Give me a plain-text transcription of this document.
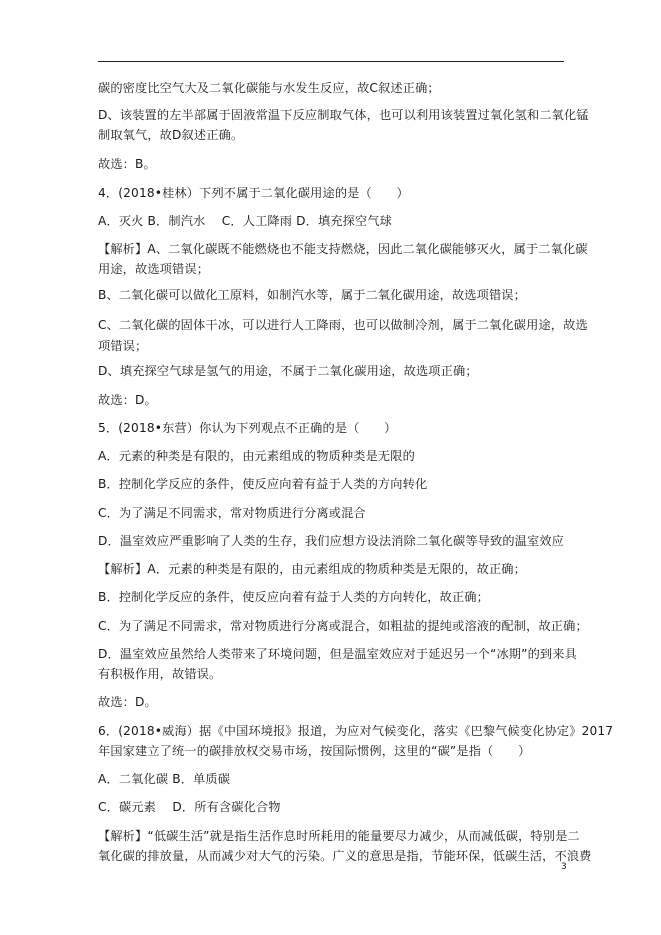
碳的密度比空气大及二氧化碳能与水发生反应，故C叙述正确；
D、该装置的左半部属于固液常温下反应制取气体，也可以利用该装置过氧化氢和二氧化锰
制取氧气，故D叙述正确。
故选：B。
4．(2018•桂林）下列不属于二氧化碳用途的是（　　）
A．灭火 B．制汽水　 C．人工降雨 D．填充探空气球
【解析】A、二氧化碳既不能燃烧也不能支持燃烧，因此二氧化碳能够灭火，属于二氧化碳
用途，故选项错误；
B、二氧化碳可以做化工原料，如制汽水等，属于二氧化碳用途，故选项错误；
C、二氧化碳的固体干冰，可以进行人工降雨，也可以做制冷剂，属于二氧化碳用途，故选
项错误；
D、填充探空气球是氢气的用途，不属于二氧化碳用途，故选项正确；
故选：D。
5．(2018•东营）你认为下列观点不正确的是（　　）
A．元素的种类是有限的，由元素组成的物质种类是无限的
B．控制化学反应的条件，使反应向着有益于人类的方向转化
C．为了满足不同需求，常对物质进行分离或混合
D．温室效应严重影响了人类的生存，我们应想方设法消除二氧化碳等导致的温室效应
【解析】A．元素的种类是有限的，由元素组成的物质种类是无限的，故正确；
B．控制化学反应的条件，使反应向着有益于人类的方向转化，故正确；
C．为了满足不同需求，常对物质进行分离或混合，如粗盐的提纯或溶液的配制，故正确；
D．温室效应虽然给人类带来了环境问题，但是温室效应对于延迟另一个“冰期”的到来具
有积极作用，故错误。
故选：D。
6．(2018•威海）据《中国环境报》报道，为应对气候变化，落实《巴黎气候变化协定》2017
年国家建立了统一的碳排放权交易市场，按国际惯例，这里的“碳”是指（　　）
A．二氧化碳 B．单质碳
C．碳元素　 D．所有含碳化合物
【解析】“低碳生活”就是指生活作息时所耗用的能量要尽力减少，从而减低碳，特别是二
氧化碳的排放量，从而减少对大气的污染。广义的意思是指，节能环保，低碳生活，不浪费
3
